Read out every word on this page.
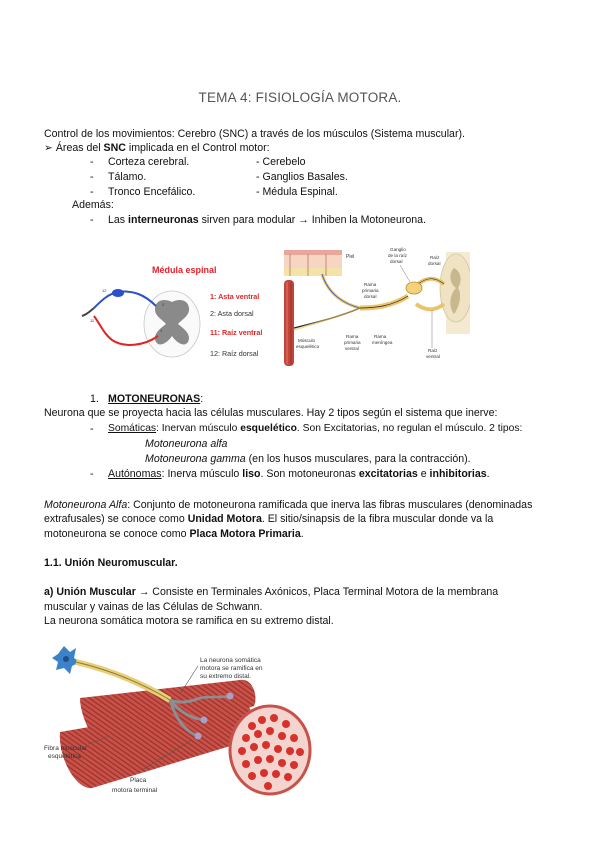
TEMA 4: FISIOLOGÍA MOTORA.
Control de los movimientos: Cerebro (SNC) a través de los músculos (Sistema muscular).
➢ Áreas del SNC implicada en el Control motor:
- Corteza cerebral.	- Cerebelo
- Tálamo.	- Ganglios Basales.
- Tronco Encefálico.	- Médula Espinal.
Además:
- Las interneuronas sirven para modular → Inhiben la Motoneurona.
Médula espinal
11
1
2
12
1: Asta ventral
2: Asta dorsal
11: Raíz ventral
12: Raíz dorsal
Piel
Ganglio
de la raíz
dorsal
Raíz
dorsal
Rama
primaria
dorsal
Rama
primaria
ventral
Rama
meníngea
Músculo
esquelético
Raíz
ventral
1. MOTONEURONAS:
Neurona que se proyecta hacia las células musculares. Hay 2 tipos según el sistema que inerve:
- Somáticas: Inervan músculo esquelético. Son Excitatorias, no regulan el músculo. 2 tipos:
Motoneurona alfa
Motoneurona gamma (en los husos musculares, para la contracción).
- Autónomas: Inerva músculo liso. Son motoneuronas excitatorias e inhibitorias.
Motoneurona Alfa: Conjunto de motoneurona ramificada que inerva las fibras musculares (denominadas
extrafusales) se conoce como Unidad Motora. El sitio/sinapsis de la fibra muscular donde va la
motoneurona se conoce como Placa Motora Primaria.
1.1. Unión Neuromuscular.
a) Unión Muscular → Consiste en Terminales Axónicos, Placa Terminal Motora de la membrana
muscular y vainas de las Células de Schwann.
La neurona somática motora se ramifica en su extremo distal.
La neurona somática
motora se ramifica en
su extremo distal.
Fibra muscular
esquelética
Placa
motora terminal
